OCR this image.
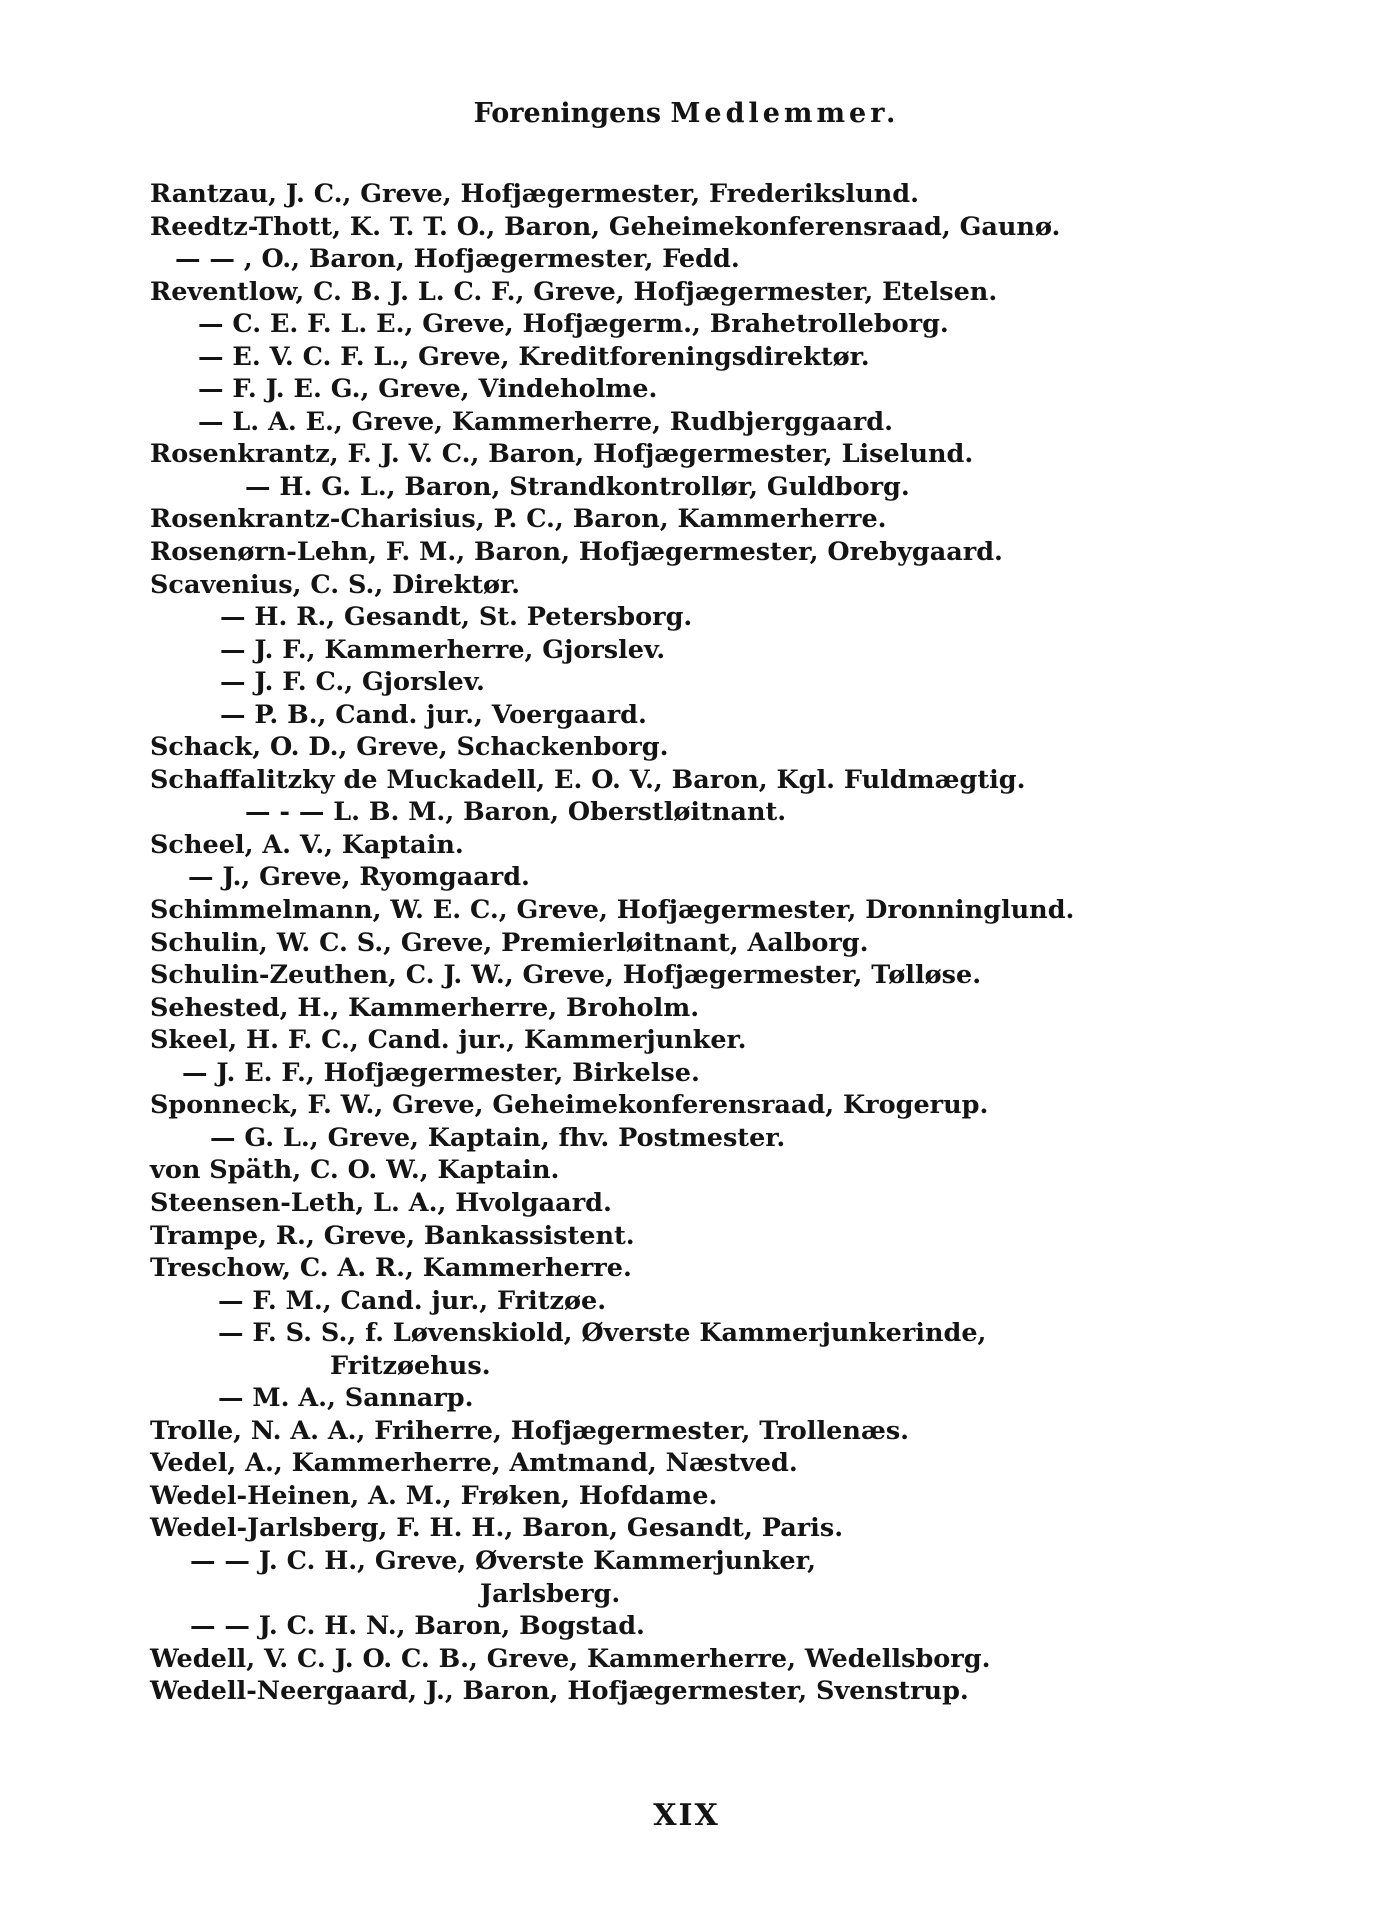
Foreningens Medlemmer.
Rantzau, J. C., Greve, Hofjægermester, Frederikslund.
Reedtz-Thott, K. T. T. O., Baron, Geheimekonferensraad, Gaunø.
— — , O., Baron, Hofjægermester, Fedd.
Reventlow, C. B. J. L. C. F., Greve, Hofjægermester, Etelsen.
— C. E. F. L. E., Greve, Hofjægerm., Brahetrolleborg.
— E. V. C. F. L., Greve, Kreditforeningsdirektør.
— F. J. E. G., Greve, Vindeholme.
— L. A. E., Greve, Kammerherre, Rudbjerggaard.
Rosenkrantz, F. J. V. C., Baron, Hofjægermester, Liselund.
— H. G. L., Baron, Strandkontrollør, Guldborg.
Rosenkrantz-Charisius, P. C., Baron, Kammerherre.
Rosenørn-Lehn, F. M., Baron, Hofjægermester, Orebygaard.
Scavenius, C. S., Direktør.
— H. R., Gesandt, St. Petersborg.
— J. F., Kammerherre, Gjorslev.
— J. F. C., Gjorslev.
— P. B., Cand. jur., Voergaard.
Schack, O. D., Greve, Schackenborg.
Schaffalitzky de Muckadell, E. O. V., Baron, Kgl. Fuldmægtig.
— - — L. B. M., Baron, Oberstløitnant.
Scheel, A. V., Kaptain.
— J., Greve, Ryomgaard.
Schimmelmann, W. E. C., Greve, Hofjægermester, Dronninglund.
Schulin, W. C. S., Greve, Premierløitnant, Aalborg.
Schulin-Zeuthen, C. J. W., Greve, Hofjægermester, Tølløse.
Sehested, H., Kammerherre, Broholm.
Skeel, H. F. C., Cand. jur., Kammerjunker.
— J. E. F., Hofjægermester, Birkelse.
Sponneck, F. W., Greve, Geheimekonferensraad, Krogerup.
— G. L., Greve, Kaptain, fhv. Postmester.
von Späth, C. O. W., Kaptain.
Steensen-Leth, L. A., Hvolgaard.
Trampe, R., Greve, Bankassistent.
Treschow, C. A. R., Kammerherre.
— F. M., Cand. jur., Fritzøe.
— F. S. S., f. Løvenskiold, Øverste Kammerjunkerinde,
Fritzøehus.
— M. A., Sannarp.
Trolle, N. A. A., Friherre, Hofjægermester, Trollenæs.
Vedel, A., Kammerherre, Amtmand, Næstved.
Wedel-Heinen, A. M., Frøken, Hofdame.
Wedel-Jarlsberg, F. H. H., Baron, Gesandt, Paris.
— — J. C. H., Greve, Øverste Kammerjunker,
Jarlsberg.
— — J. C. H. N., Baron, Bogstad.
Wedell, V. C. J. O. C. B., Greve, Kammerherre, Wedellsborg.
Wedell-Neergaard, J., Baron, Hofjægermester, Svenstrup.
XIX
